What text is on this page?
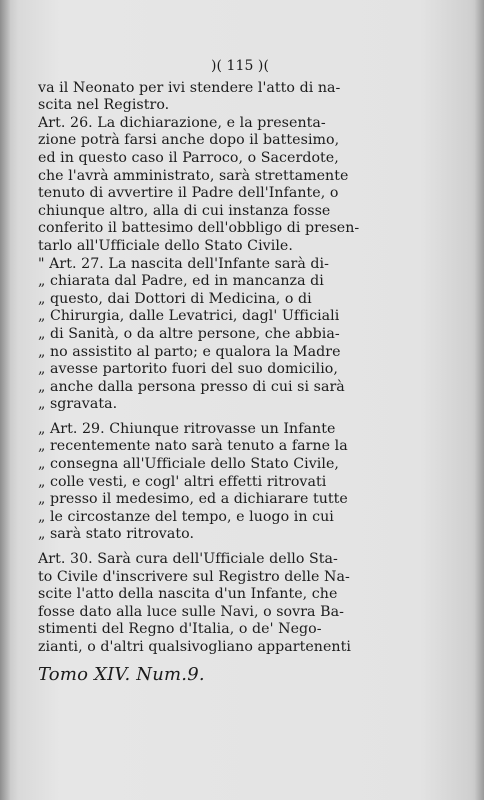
)( 115 )(
va il Neonato per ivi stendere l'atto di na-
scita nel Registro.
Art. 26. La dichiarazione, e la presenta-
zione potrà farsi anche dopo il battesimo,
ed in questo caso il Parroco, o Sacerdote,
che l'avrà amministrato, sarà strettamente
tenuto di avvertire il Padre dell'Infante, o
chiunque altro, alla di cui instanza fosse
conferito il battesimo dell'obbligo di presen-
tarlo all'Ufficiale dello Stato Civile.
" Art. 27. La nascita dell'Infante sarà di-
„ chiarata dal Padre, ed in mancanza di
„ questo, dai Dottori di Medicina, o di
„ Chirurgia, dalle Levatrici, dagl' Ufficiali
„ di Sanità, o da altre persone, che abbia-
„ no assistito al parto; e qualora la Madre
„ avesse partorito fuori del suo domicilio,
„ anche dalla persona presso di cui si sarà
„ sgravata.
„ Art. 29. Chiunque ritrovasse un Infante
„ recentemente nato sarà tenuto a farne la
„ consegna all'Ufficiale dello Stato Civile,
„ colle vesti, e cogl' altri effetti ritrovati
„ presso il medesimo, ed a dichiarare tutte
„ le circostanze del tempo, e luogo in cui
„ sarà stato ritrovato.
Art. 30. Sarà cura dell'Ufficiale dello Sta-
to Civile d'inscrivere sul Registro delle Na-
scite l'atto della nascita d'un Infante, che
fosse dato alla luce sulle Navi, o sovra Ba-
stimenti del Regno d'Italia, o de' Nego-
zianti, o d'altri qualsivogliano appartenenti
Tomo XIV. Num.9.
